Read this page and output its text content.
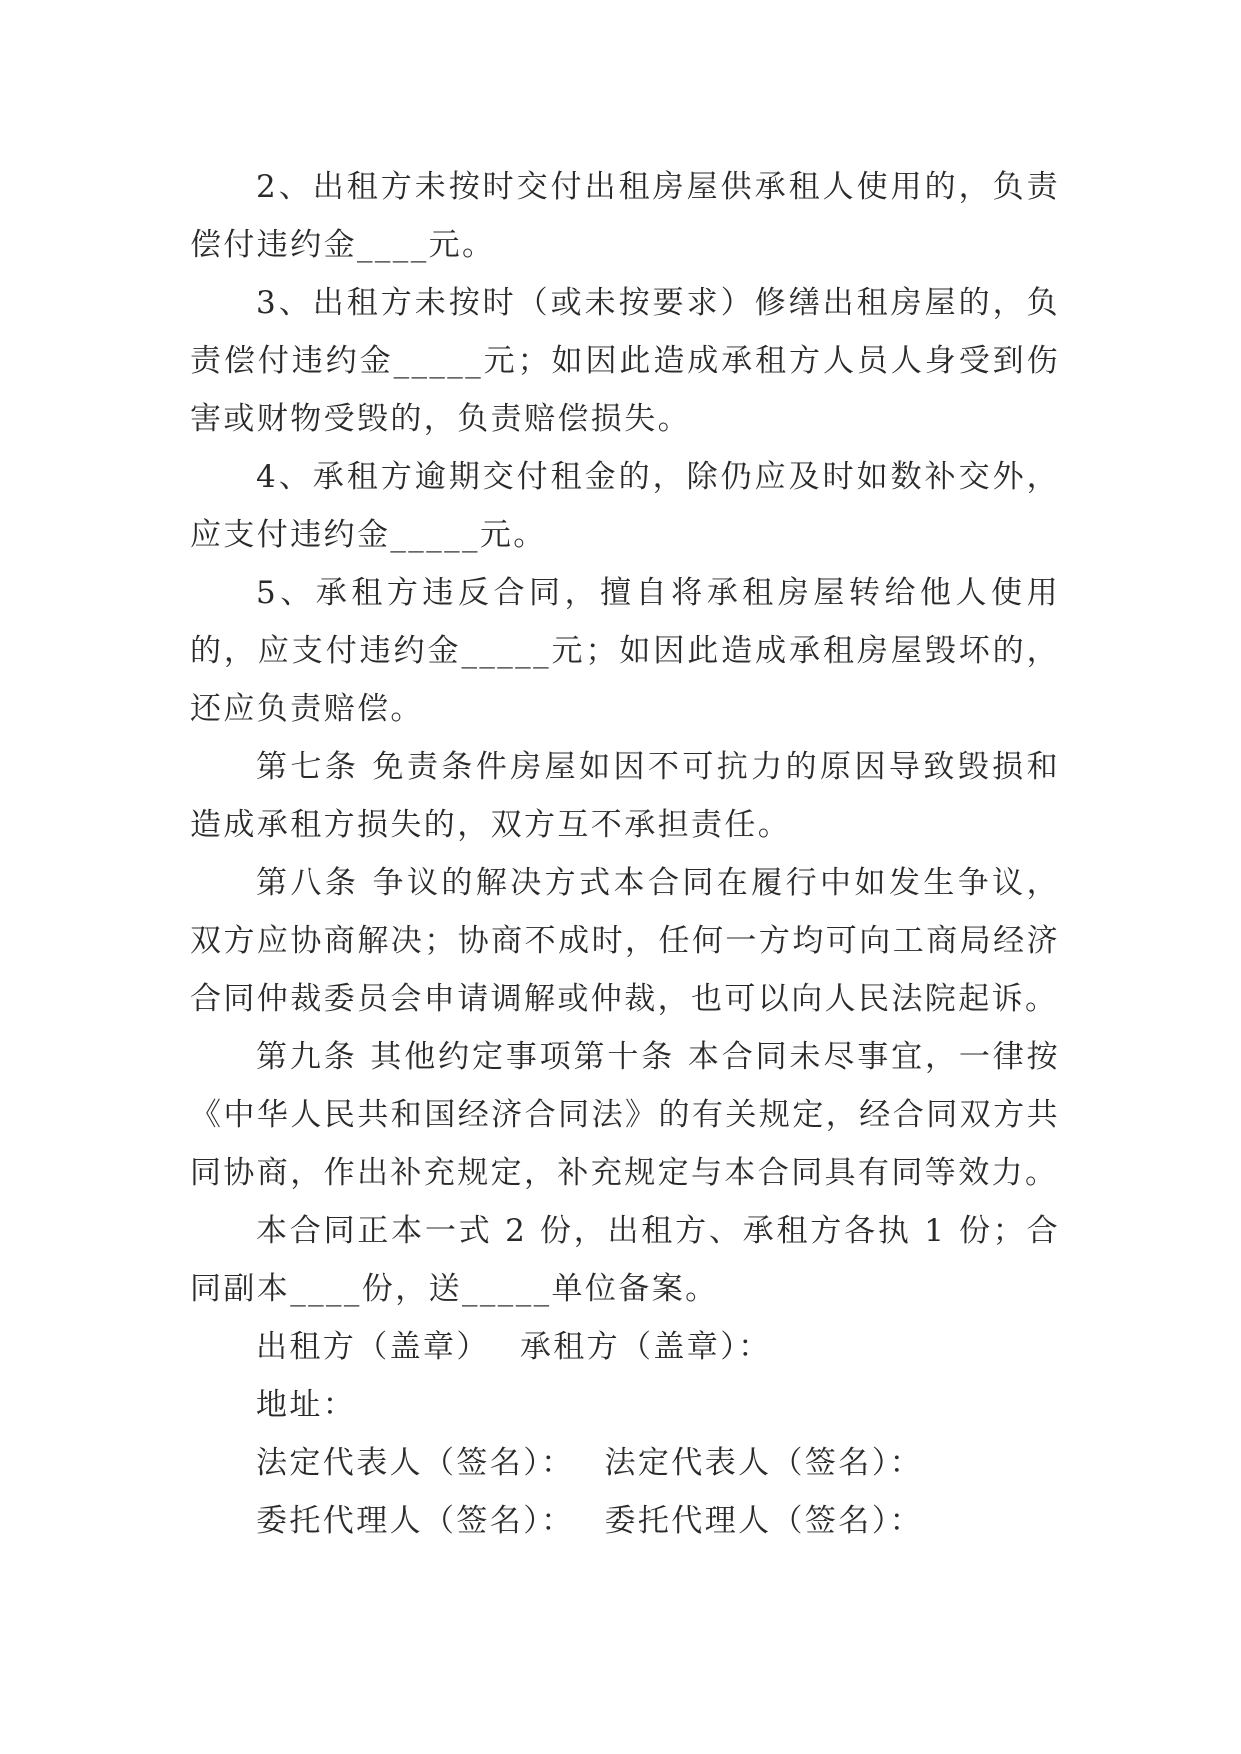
2、出租方未按时交付出租房屋供承租人使用的，负责偿付违约金____元。

3、出租方未按时（或未按要求）修缮出租房屋的，负责偿付违约金_____元；如因此造成承租方人员人身受到伤害或财物受毁的，负责赔偿损失。

4、承租方逾期交付租金的，除仍应及时如数补交外，应支付违约金_____元。

5、承租方违反合同，擅自将承租房屋转给他人使用的，应支付违约金_____元；如因此造成承租房屋毁坏的，还应负责赔偿。

第七条 免责条件房屋如因不可抗力的原因导致毁损和造成承租方损失的，双方互不承担责任。

第八条 争议的解决方式本合同在履行中如发生争议，双方应协商解决；协商不成时，任何一方均可向工商局经济合同仲裁委员会申请调解或仲裁，也可以向人民法院起诉。

第九条 其他约定事项第十条 本合同未尽事宜，一律按《中华人民共和国经济合同法》的有关规定，经合同双方共同协商，作出补充规定，补充规定与本合同具有同等效力。

本合同正本一式 2 份，出租方、承租方各执 1 份；合同副本____份，送_____单位备案。

出租方（盖章） 承租方（盖章）：

地址：

法定代表人（签名）： 法定代表人（签名）：

委托代理人（签名）： 委托代理人（签名）：
